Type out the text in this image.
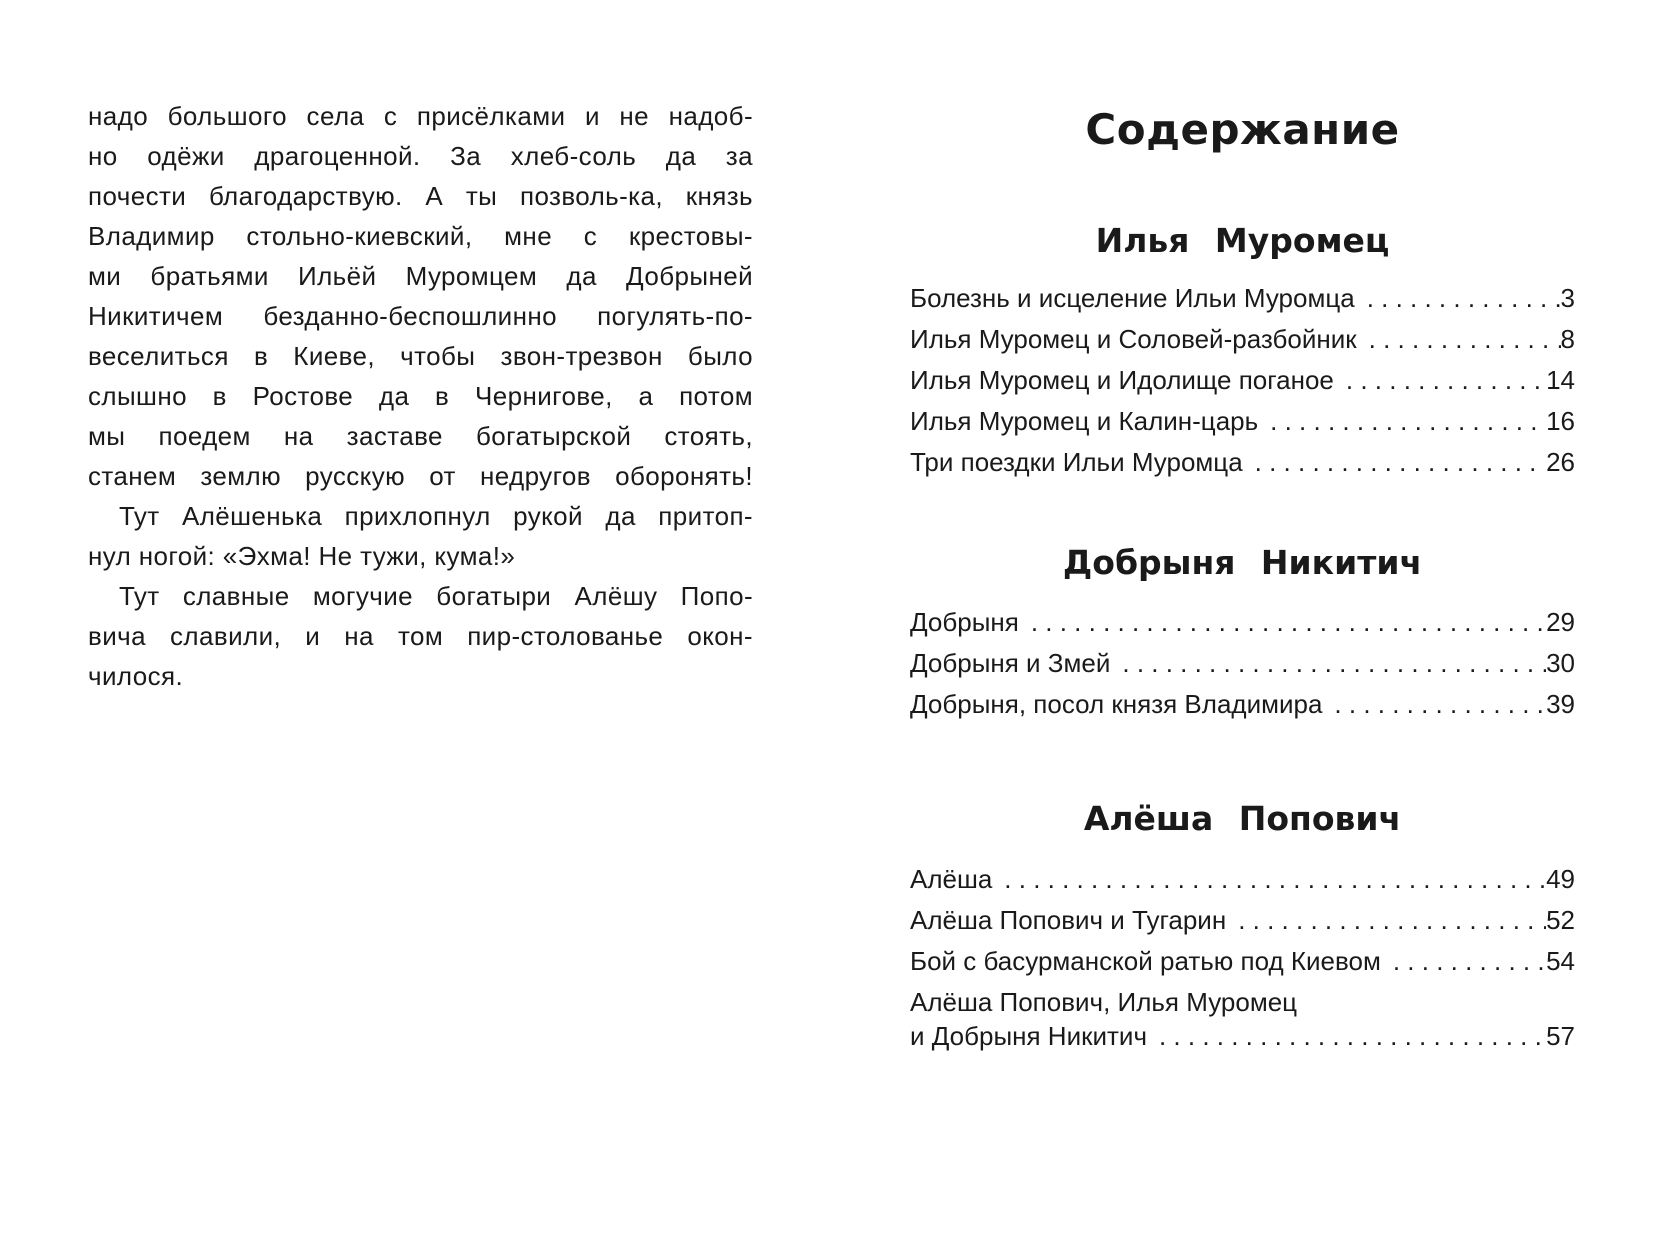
надо большого села с присёлками и не надоб-
но одёжи драгоценной. За хлеб-соль да за
почести благодарствую. А ты позволь-ка, князь
Владимир стольно-киевский, мне с крестовы-
ми братьями Ильёй Муромцем да Добрыней
Никитичем безданно-беспошлинно погулять-по-
веселиться в Киеве, чтобы звон-трезвон было
слышно в Ростове да в Чернигове, а потом
мы поедем на заставе богатырской стоять,
станем землю русскую от недругов оборонять!
Тут Алёшенька прихлопнул рукой да притоп-
нул ногой: «Эхма! Не тужи, кума!»
Тут славные могучие богатыри Алёшу Попо-
вича славили, и на том пир-столованье окон-
чилося.
Содержание
Илья Муромец
Болезнь и исцеление Ильи Муромца . . .	3
Илья Муромец и Соловей-разбойник . . .	8
Илья Муромец и Идолище поганое . . .	14
Илья Муромец и Калин-царь . . .	16
Три поездки Ильи Муромца . . .	26
Добрыня Никитич
Добрыня . . .	29
Добрыня и Змей . . .	30
Добрыня, посол князя Владимира . . .	39
Алёша Попович
Алёша . . .	49
Алёша Попович и Тугарин . . .	52
Бой с басурманской ратью под Киевом . . .	54
Алёша Попович, Илья Муромец
и Добрыня Никитич . . .	57
